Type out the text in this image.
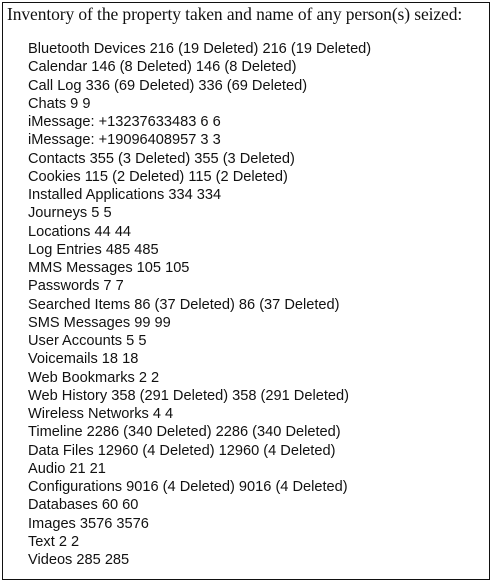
Inventory of the property taken and name of any person(s) seized:
Bluetooth Devices 216 (19 Deleted) 216 (19 Deleted)
Calendar 146 (8 Deleted) 146 (8 Deleted)
Call Log 336 (69 Deleted) 336 (69 Deleted)
Chats 9 9
iMessage: +13237633483 6 6
iMessage: +19096408957 3 3
Contacts 355 (3 Deleted) 355 (3 Deleted)
Cookies 115 (2 Deleted) 115 (2 Deleted)
Installed Applications 334 334
Journeys 5 5
Locations 44 44
Log Entries 485 485
MMS Messages 105 105
Passwords 7 7
Searched Items 86 (37 Deleted) 86 (37 Deleted)
SMS Messages 99 99
User Accounts 5 5
Voicemails 18 18
Web Bookmarks 2 2
Web History 358 (291 Deleted) 358 (291 Deleted)
Wireless Networks 4 4
Timeline 2286 (340 Deleted) 2286 (340 Deleted)
Data Files 12960 (4 Deleted) 12960 (4 Deleted)
Audio 21 21
Configurations 9016 (4 Deleted) 9016 (4 Deleted)
Databases 60 60
Images 3576 3576
Text 2 2
Videos 285 285
